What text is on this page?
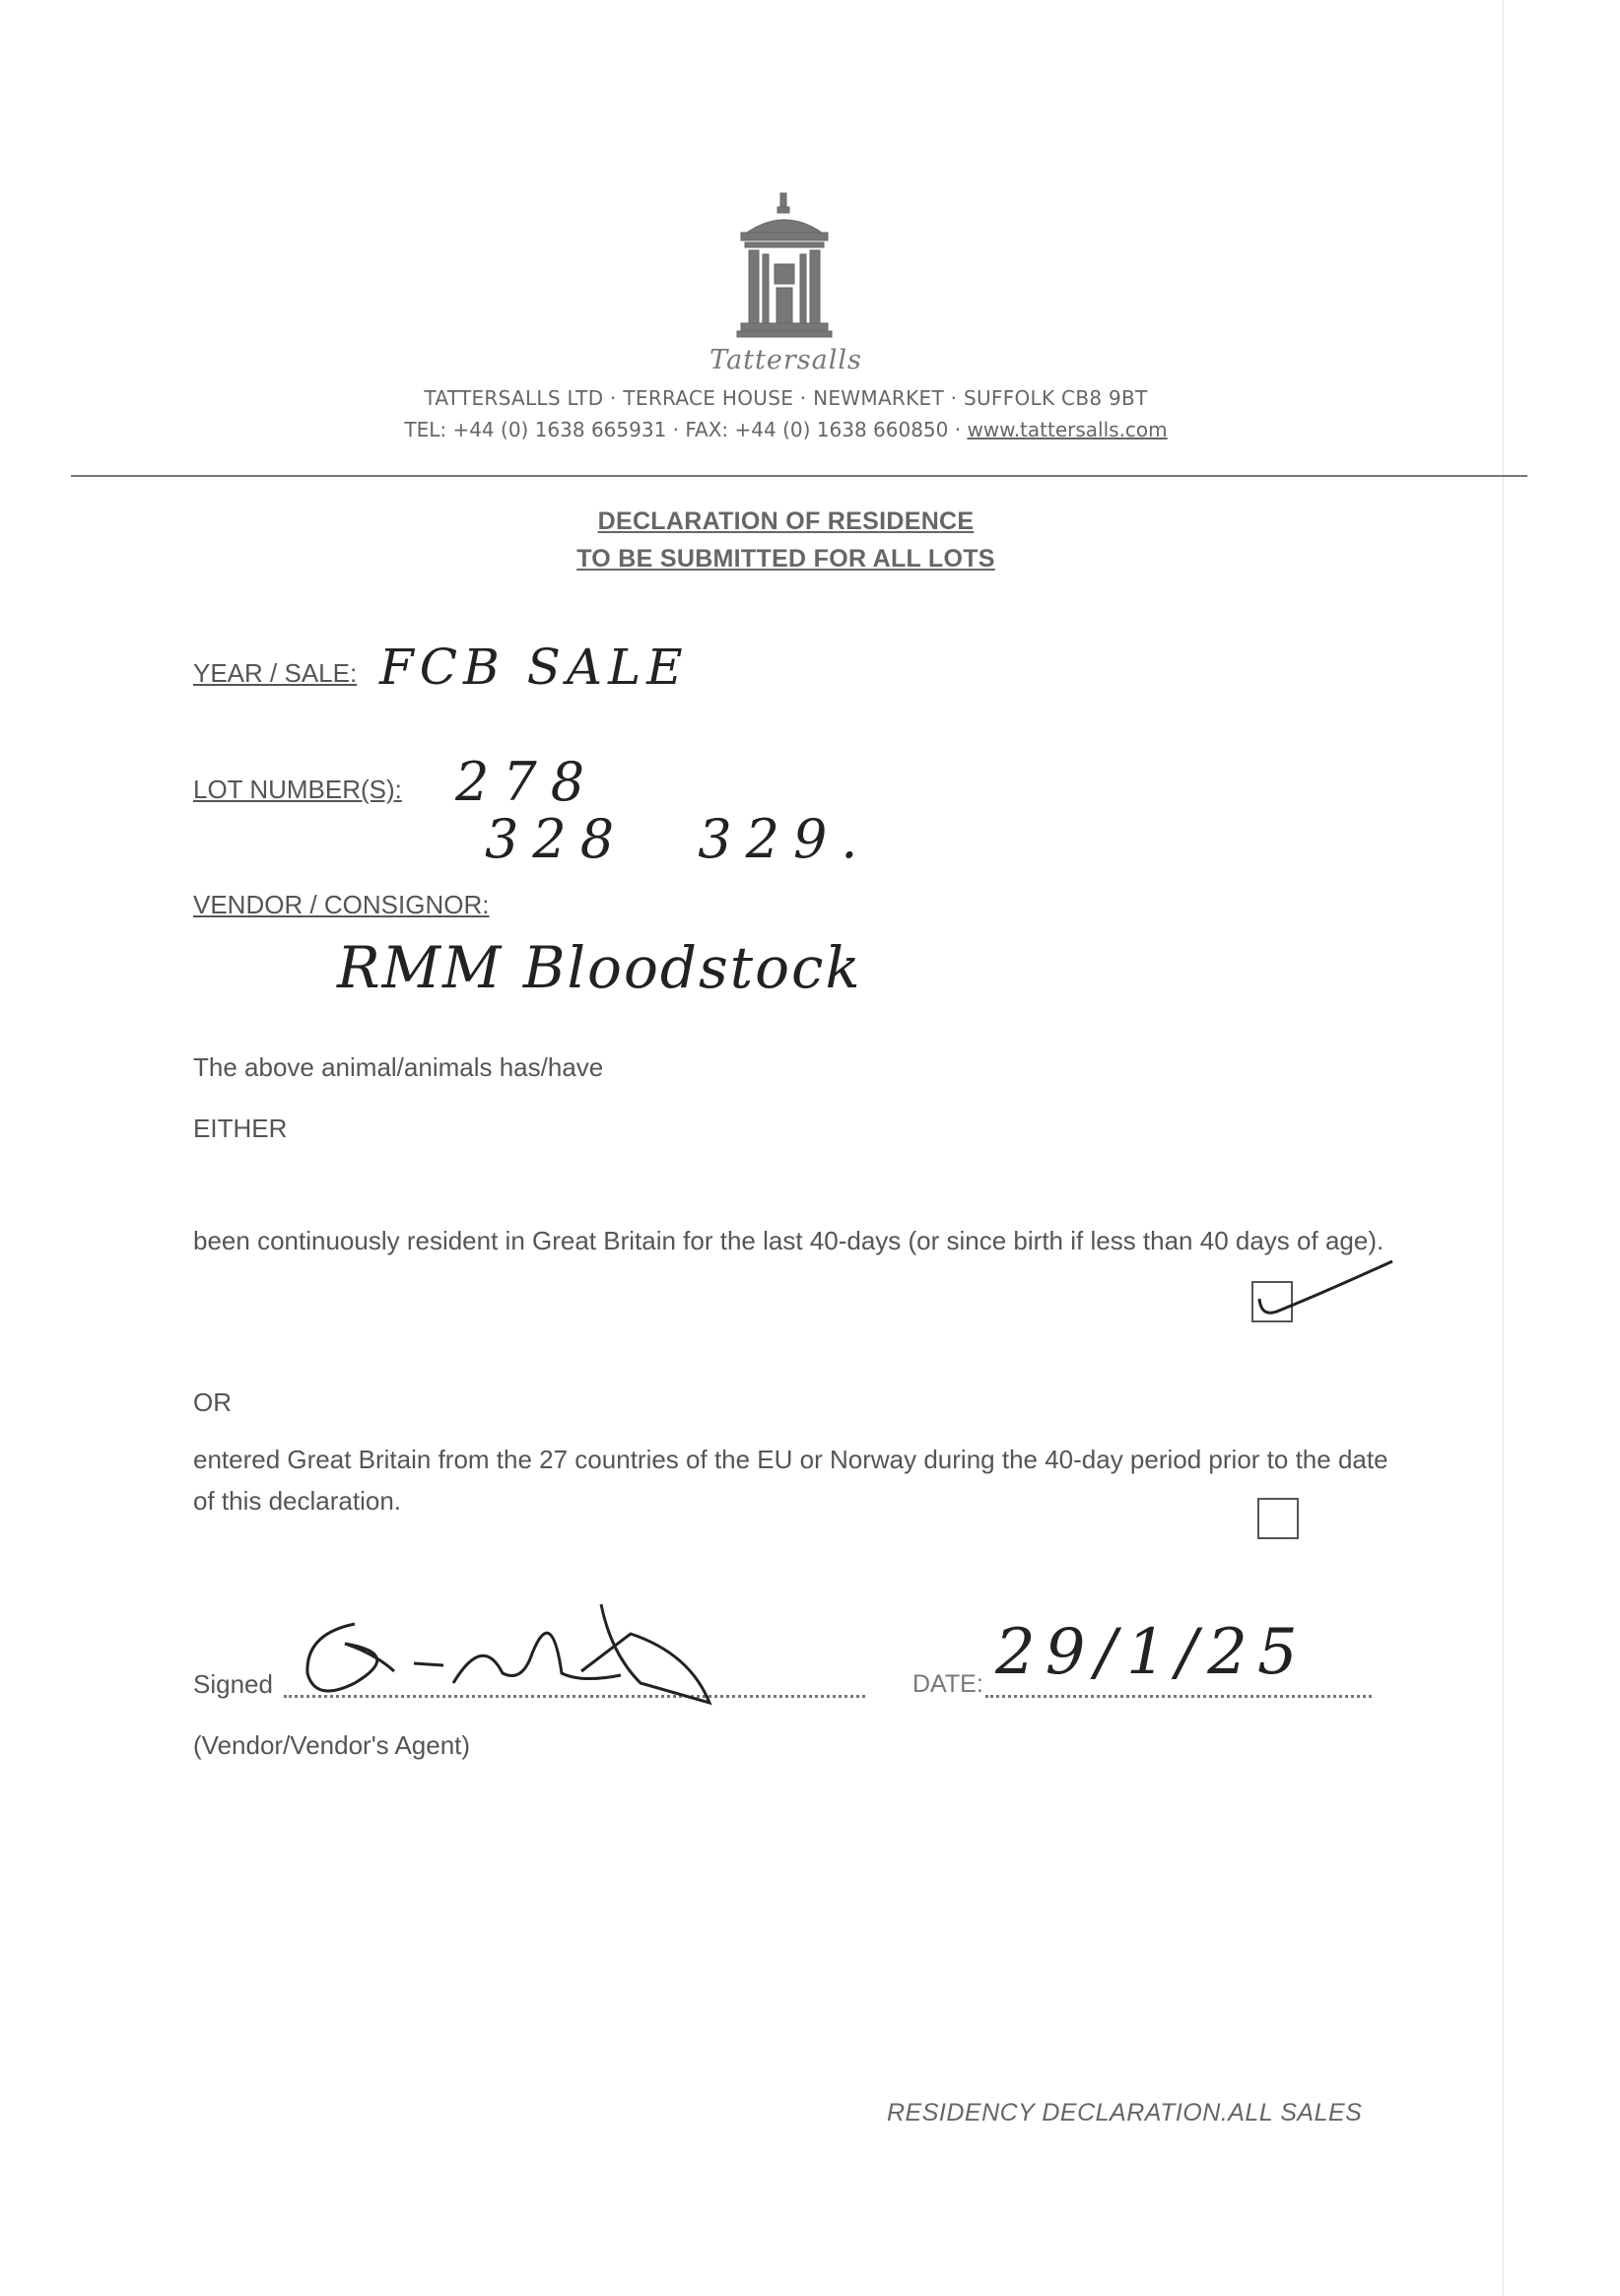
Tattersalls
TATTERSALLS LTD · TERRACE HOUSE · NEWMARKET · SUFFOLK CB8 9BT
TEL: +44 (0) 1638 665931 · FAX: +44 (0) 1638 660850 · www.tattersalls.com
DECLARATION OF RESIDENCE
TO BE SUBMITTED FOR ALL LOTS
YEAR / SALE: FCB SALE
LOT NUMBER(S): 278
328 329.
VENDOR / CONSIGNOR:
RMM Bloodstock
The above animal/animals has/have
EITHER
been continuously resident in Great Britain for the last 40-days (or since birth if less than 40 days of age).
OR
entered Great Britain from the 27 countries of the EU or Norway during the 40-day period prior to the date of this declaration.
Signed
(Vendor/Vendor's Agent)
DATE: 29/1/25
RESIDENCY DECLARATION.ALL SALES
